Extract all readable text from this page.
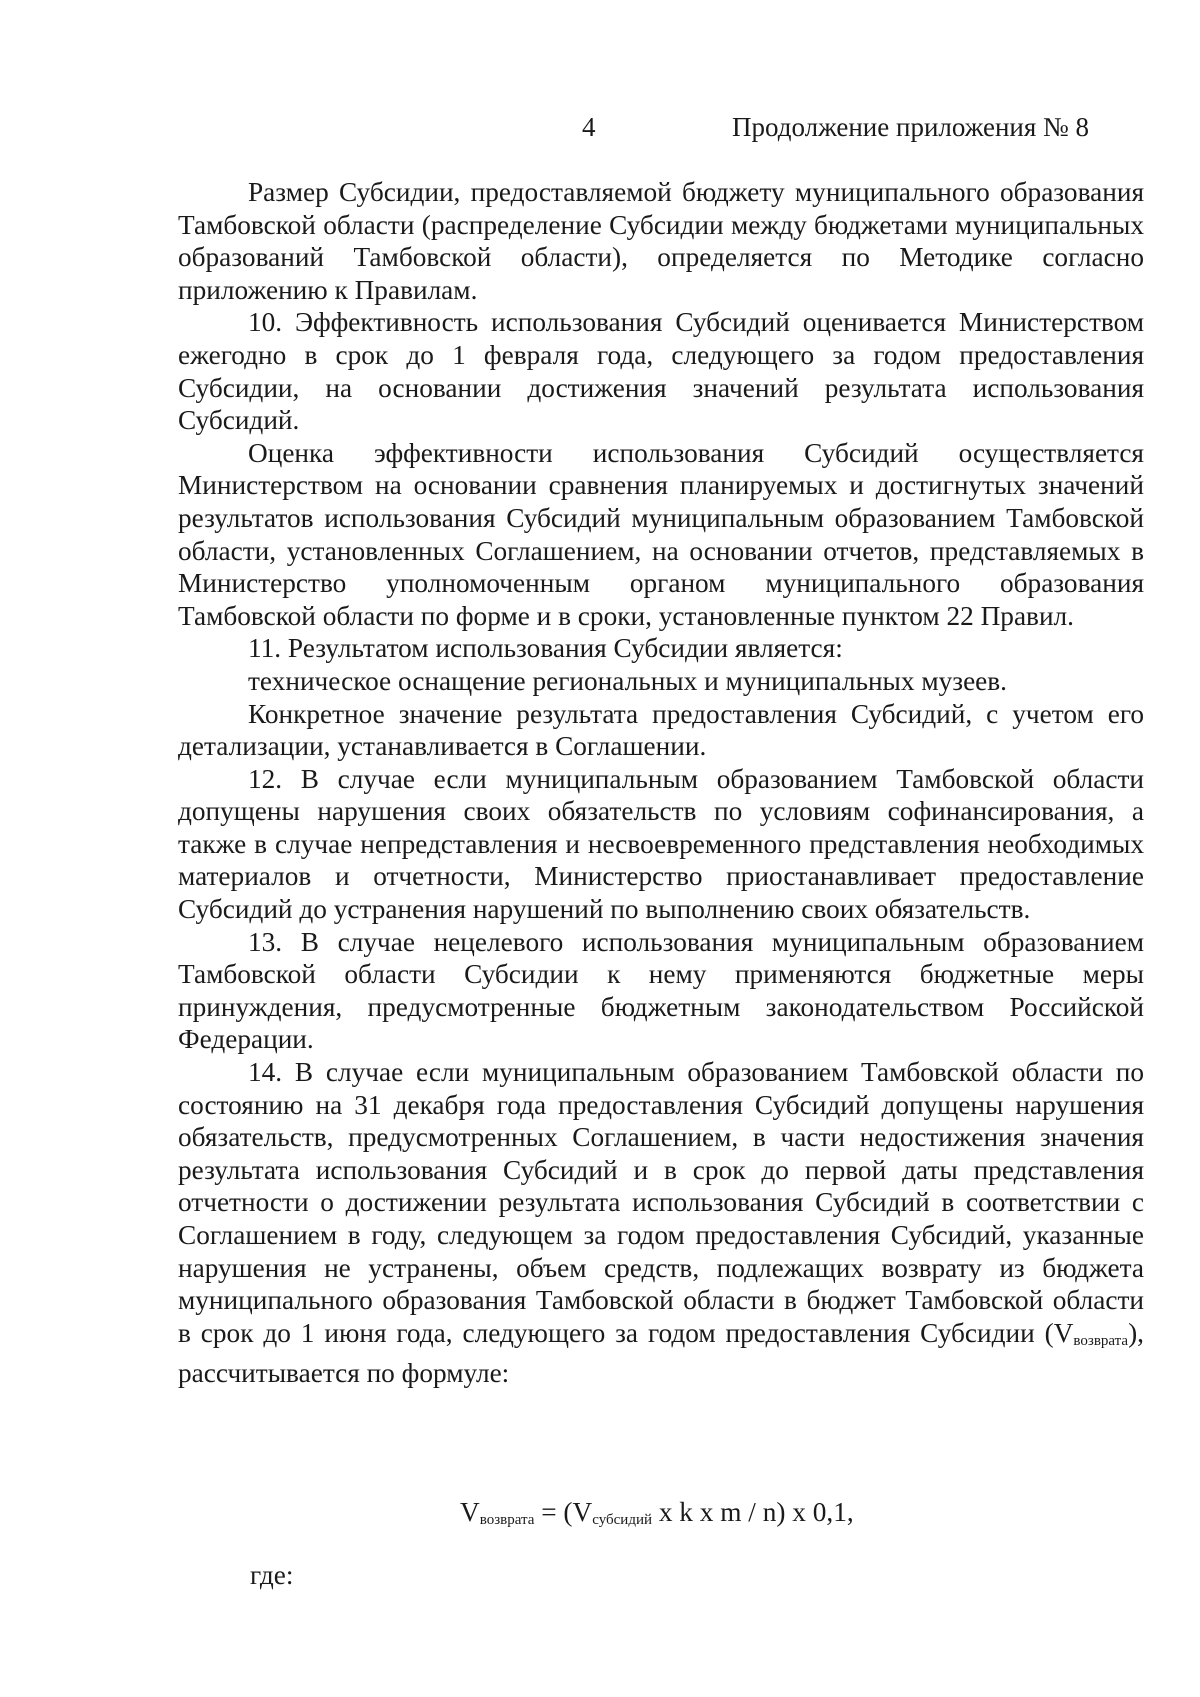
4	Продолжение приложения № 8

Размер Субсидии, предоставляемой бюджету муниципального образования Тамбовской области (распределение Субсидии между бюджетами муниципальных образований Тамбовской области), определяется по Методике согласно приложению к Правилам.

10. Эффективность использования Субсидий оценивается Министерством ежегодно в срок до 1 февраля года, следующего за годом предоставления Субсидии, на основании достижения значений результата использования Субсидий.

Оценка эффективности использования Субсидий осуществляется Министерством на основании сравнения планируемых и достигнутых значений результатов использования Субсидий муниципальным образованием Тамбовской области, установленных Соглашением, на основании отчетов, представляемых в Министерство уполномоченным органом муниципального образования Тамбовской области по форме и в сроки, установленные пунктом 22 Правил.

11. Результатом использования Субсидии является:

техническое оснащение региональных и муниципальных музеев.

Конкретное значение результата предоставления Субсидий, с учетом его детализации, устанавливается в Соглашении.

12. В случае если муниципальным образованием Тамбовской области допущены нарушения своих обязательств по условиям софинансирования, а также в случае непредставления и несвоевременного представления необходимых материалов и отчетности, Министерство приостанавливает предоставление Субсидий до устранения нарушений по выполнению своих обязательств.

13. В случае нецелевого использования муниципальным образованием Тамбовской области Субсидии к нему применяются бюджетные меры принуждения, предусмотренные бюджетным законодательством Российской Федерации.

14. В случае если муниципальным образованием Тамбовской области по состоянию на 31 декабря года предоставления Субсидий допущены нарушения обязательств, предусмотренных Соглашением, в части недостижения значения результата использования Субсидий и в срок до первой даты представления отчетности о достижении результата использования Субсидий в соответствии с Соглашением в году, следующем за годом предоставления Субсидий, указанные нарушения не устранены, объем средств, подлежащих возврату из бюджета муниципального образования Тамбовской области в бюджет Тамбовской области в срок до 1 июня года, следующего за годом предоставления Субсидии $(V_{возврата})$, рассчитывается по формуле:

$V_{возврата} = (V_{субсидий}$ x k x m / n) x 0,1,
где:
